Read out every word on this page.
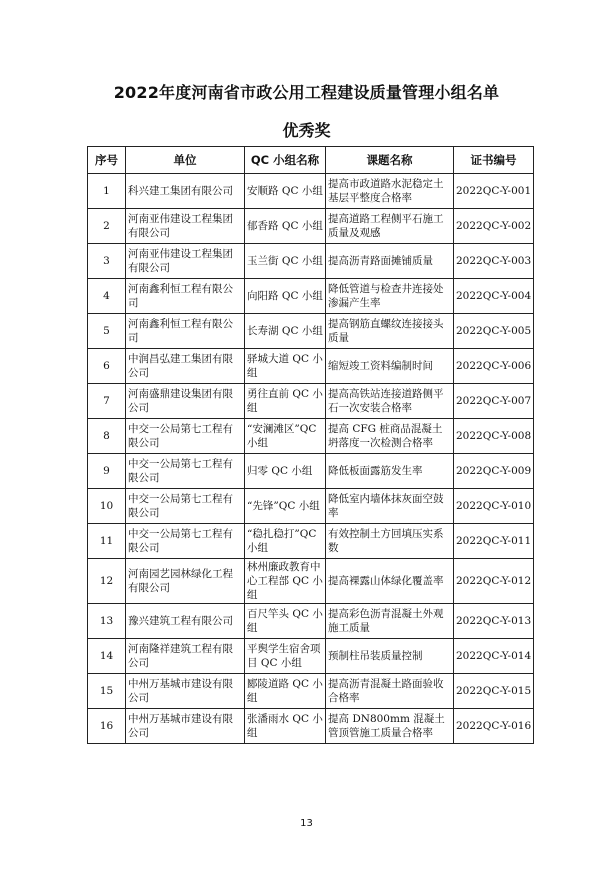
2022年度河南省市政公用工程建设质量管理小组名单
优秀奖
序号	单位	QC 小组名称	课题名称	证书编号
1	科兴建工集团有限公司	安顺路 QC 小组	提高市政道路水泥稳定土基层平整度合格率	2022QC-Y-001
2	河南亚伟建设工程集团有限公司	郁香路 QC 小组	提高道路工程侧平石施工质量及观感	2022QC-Y-002
3	河南亚伟建设工程集团有限公司	玉兰街 QC 小组	提高沥青路面摊铺质量	2022QC-Y-003
4	河南鑫利恒工程有限公司	向阳路 QC 小组	降低管道与检查井连接处渗漏产生率	2022QC-Y-004
5	河南鑫利恒工程有限公司	长寿湖 QC 小组	提高钢筋直螺纹连接接头质量	2022QC-Y-005
6	中润昌弘建工集团有限公司	驿城大道 QC 小组	缩短竣工资料编制时间	2022QC-Y-006
7	河南盛鼎建设集团有限公司	勇往直前 QC 小组	提高高铁站连接道路侧平石一次安装合格率	2022QC-Y-007
8	中交一公局第七工程有限公司	“安澜滩区”QC 小组	提高 CFG 桩商品混凝土坍落度一次检测合格率	2022QC-Y-008
9	中交一公局第七工程有限公司	归零 QC 小组	降低板面露筋发生率	2022QC-Y-009
10	中交一公局第七工程有限公司	“先锋”QC 小组	降低室内墙体抹灰面空鼓率	2022QC-Y-010
11	中交一公局第七工程有限公司	“稳扎稳打”QC 小组	有效控制土方回填压实系数	2022QC-Y-011
12	河南园艺园林绿化工程有限公司	林州廉政教育中心工程部 QC 小组	提高裸露山体绿化覆盖率	2022QC-Y-012
13	豫兴建筑工程有限公司	百尺竿头 QC 小组	提高彩色沥青混凝土外观施工质量	2022QC-Y-013
14	河南隆祥建筑工程有限公司	平舆学生宿舍项目 QC 小组	预制柱吊装质量控制	2022QC-Y-014
15	中州万基城市建设有限公司	郾陵道路 QC 小组	提高沥青混凝土路面验收合格率	2022QC-Y-015
16	中州万基城市建设有限公司	张潘雨水 QC 小组	提高 DN800mm 混凝土管顶管施工质量合格率	2022QC-Y-016
13
